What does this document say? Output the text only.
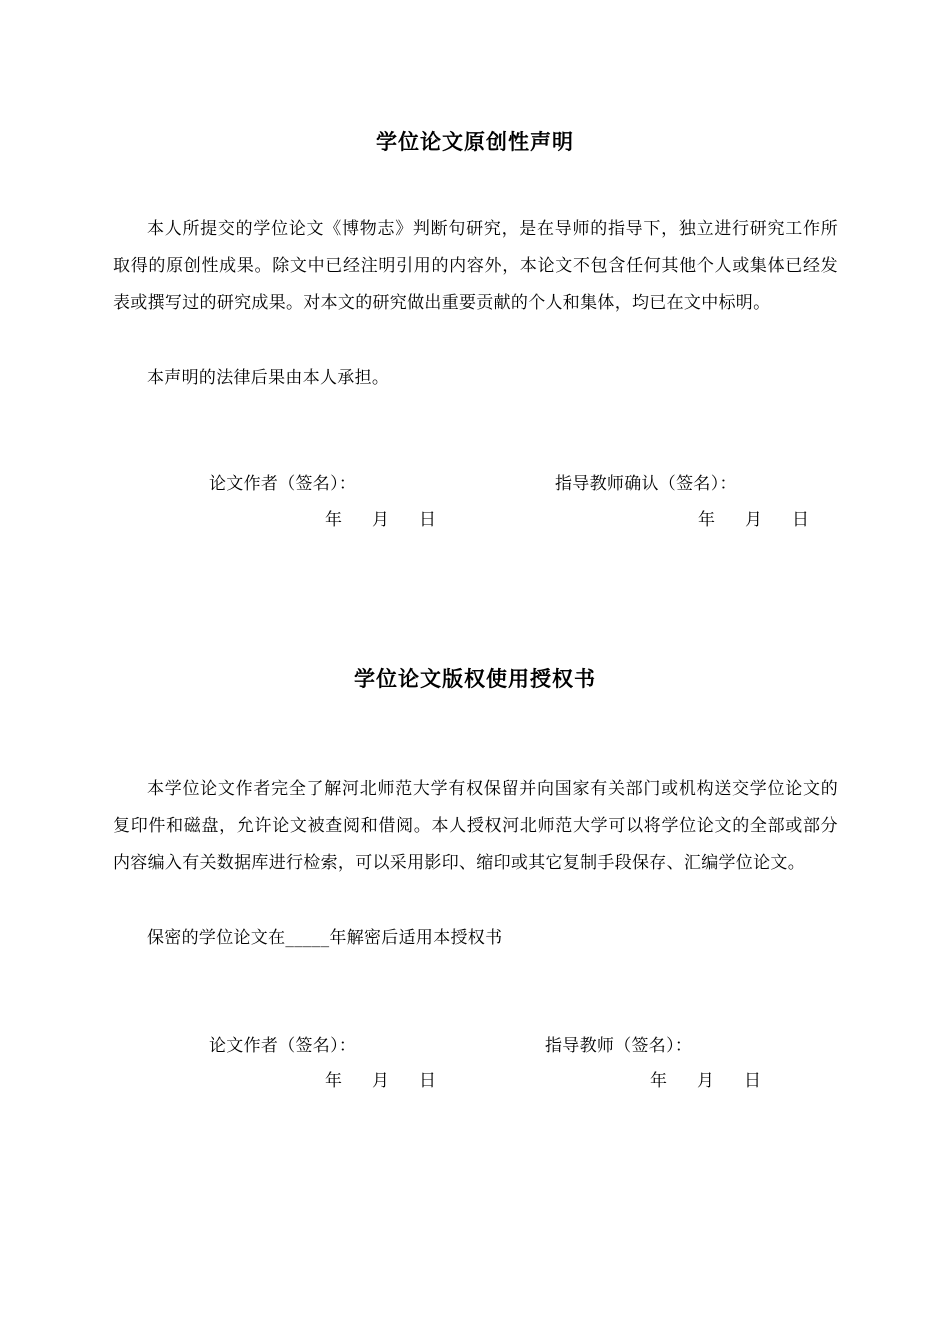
学位论文原创性声明
本人所提交的学位论文《博物志》判断句研究，是在导师的指导下，独立进行研究工作所取得的原创性成果。除文中已经注明引用的内容外，本论文不包含任何其他个人或集体已经发表或撰写过的研究成果。对本文的研究做出重要贡献的个人和集体，均已在文中标明。
本声明的法律后果由本人承担。
论文作者（签名）：	指导教师确认（签名）：
年 月 日	年 月 日
学位论文版权使用授权书
本学位论文作者完全了解河北师范大学有权保留并向国家有关部门或机构送交学位论文的复印件和磁盘，允许论文被查阅和借阅。本人授权河北师范大学可以将学位论文的全部或部分内容编入有关数据库进行检索，可以采用影印、缩印或其它复制手段保存、汇编学位论文。
保密的学位论文在_____年解密后适用本授权书
论文作者（签名）：	指导教师（签名）：
年 月 日	年 月 日
